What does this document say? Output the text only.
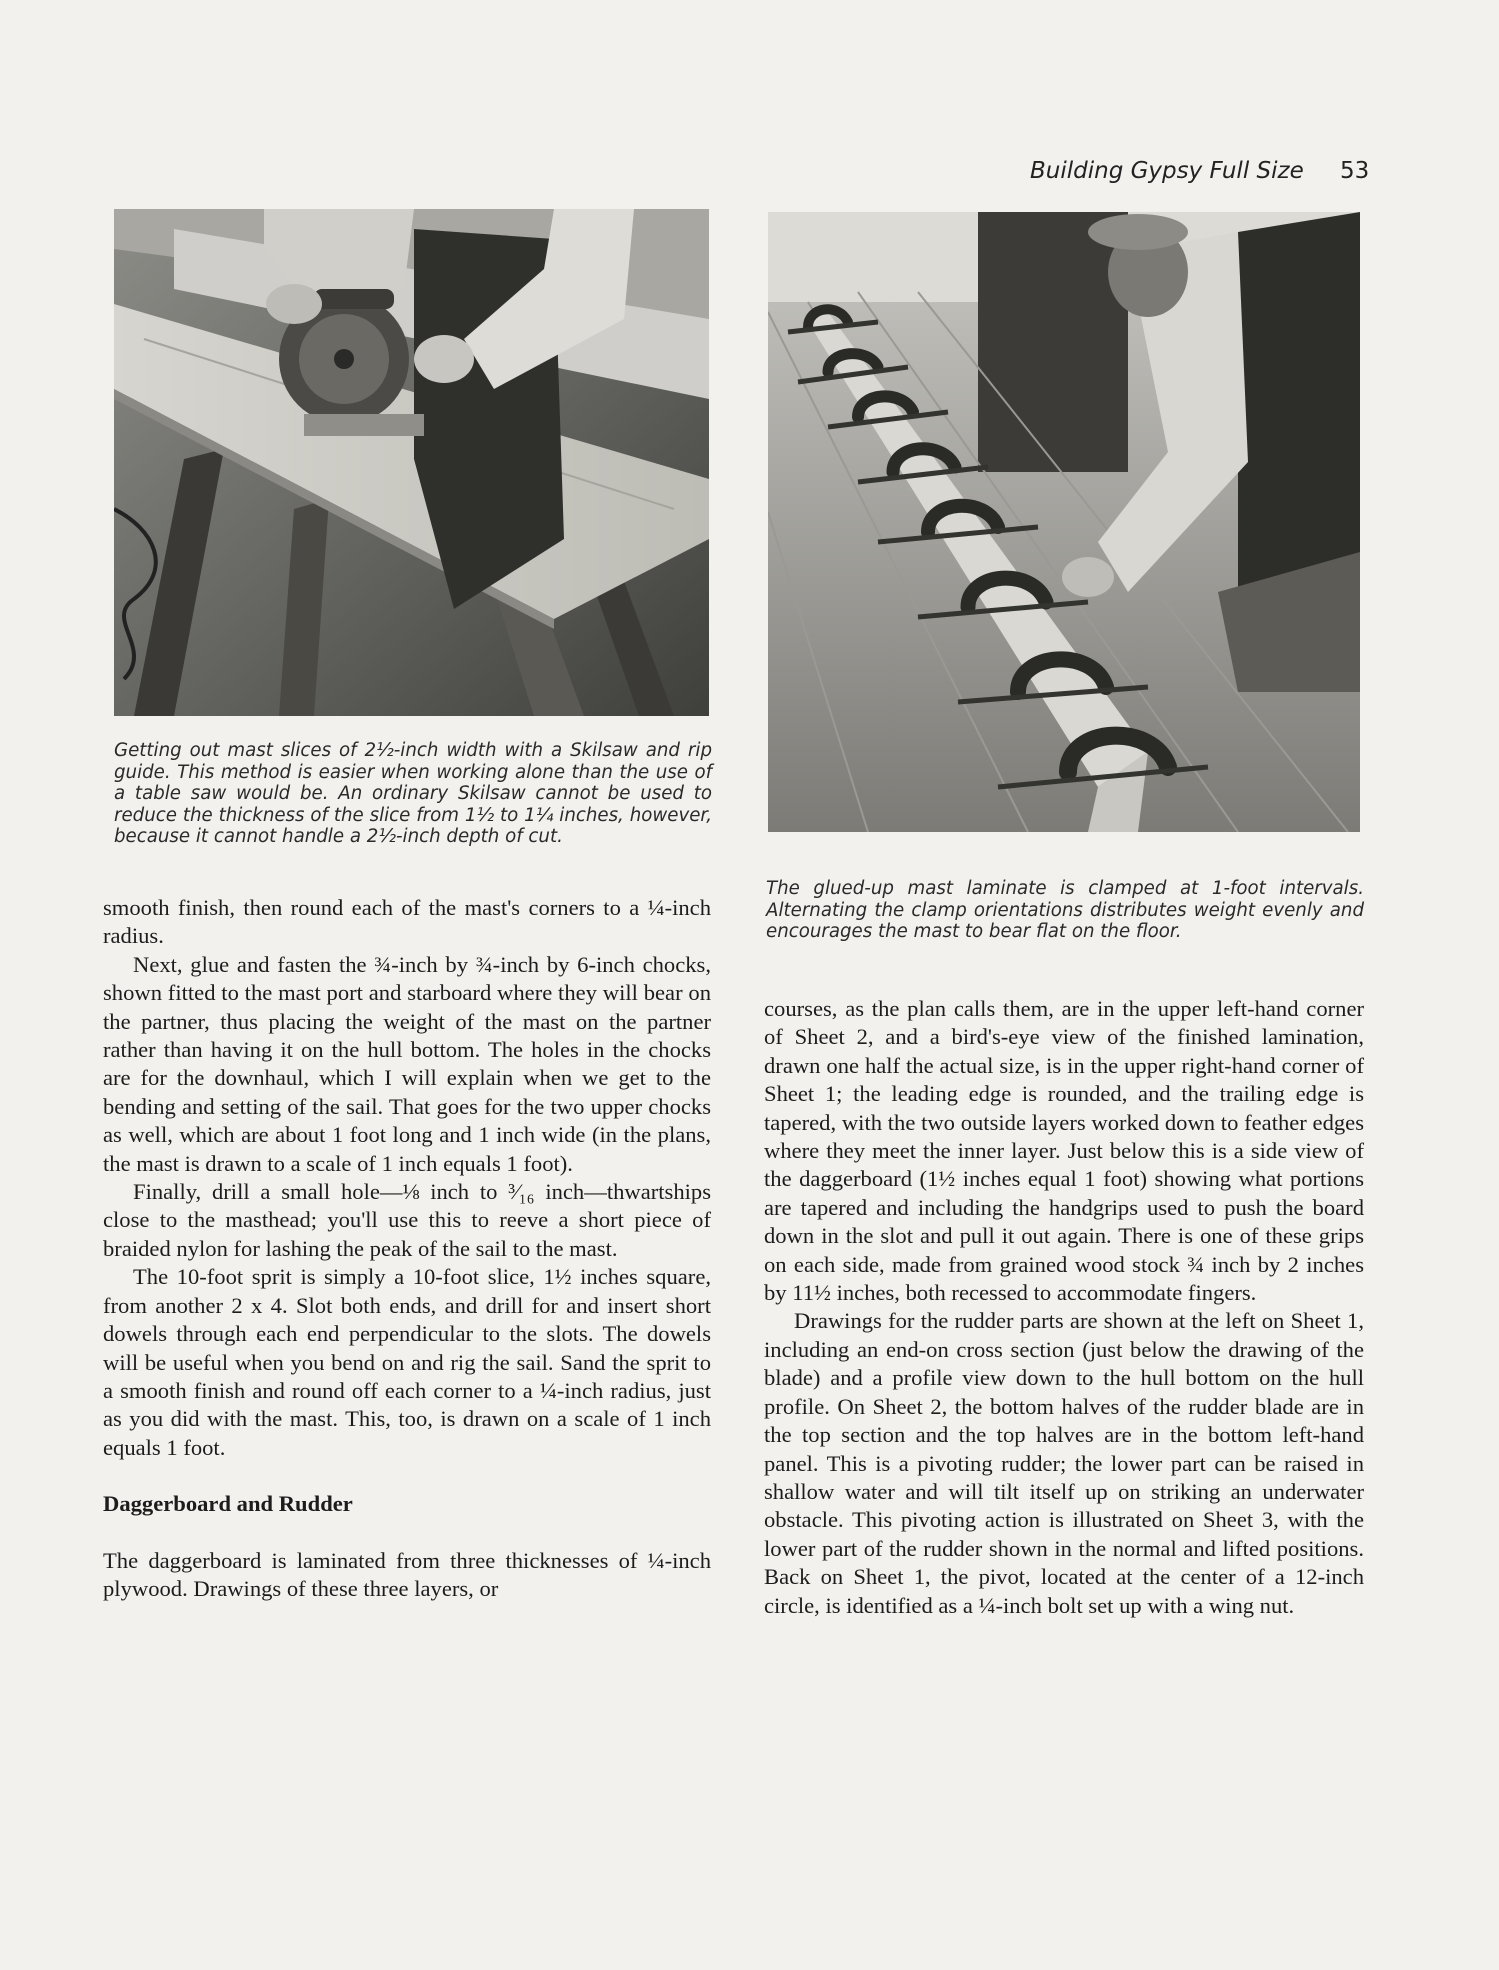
Building Gypsy Full Size 53
Getting out mast slices of 2½-inch width with a Skilsaw and rip guide. This method is easier when working alone than the use of a table saw would be. An ordinary Skilsaw cannot be used to reduce the thickness of the slice from 1½ to 1¼ inches, however, because it cannot handle a 2½-inch depth of cut.
The glued-up mast laminate is clamped at 1-foot intervals. Alternating the clamp orientations distributes weight evenly and encourages the mast to bear flat on the floor.

smooth finish, then round each of the mast's corners to a ¼-inch radius.

Next, glue and fasten the ¾-inch by ¾-inch by 6-inch chocks, shown fitted to the mast port and starboard where they will bear on the partner, thus placing the weight of the mast on the partner rather than having it on the hull bottom. The holes in the chocks are for the downhaul, which I will explain when we get to the bending and setting of the sail. That goes for the two upper chocks as well, which are about 1 foot long and 1 inch wide (in the plans, the mast is drawn to a scale of 1 inch equals 1 foot).

Finally, drill a small hole—⅛ inch to ³⁄₁₆ inch—thwartships close to the masthead; you'll use this to reeve a short piece of braided nylon for lashing the peak of the sail to the mast.

The 10-foot sprit is simply a 10-foot slice, 1½ inches square, from another 2 x 4. Slot both ends, and drill for and insert short dowels through each end perpendicular to the slots. The dowels will be useful when you bend on and rig the sail. Sand the sprit to a smooth finish and round off each corner to a ¼-inch radius, just as you did with the mast. This, too, is drawn on a scale of 1 inch equals 1 foot.

Daggerboard and Rudder

The daggerboard is laminated from three thicknesses of ¼-inch plywood. Drawings of these three layers, or

courses, as the plan calls them, are in the upper left-hand corner of Sheet 2, and a bird's-eye view of the finished lamination, drawn one half the actual size, is in the upper right-hand corner of Sheet 1; the leading edge is rounded, and the trailing edge is tapered, with the two outside layers worked down to feather edges where they meet the inner layer. Just below this is a side view of the daggerboard (1½ inches equal 1 foot) showing what portions are tapered and including the handgrips used to push the board down in the slot and pull it out again. There is one of these grips on each side, made from grained wood stock ¾ inch by 2 inches by 11½ inches, both recessed to accommodate fingers.

Drawings for the rudder parts are shown at the left on Sheet 1, including an end-on cross section (just below the drawing of the blade) and a profile view down to the hull bottom on the hull profile. On Sheet 2, the bottom halves of the rudder blade are in the top section and the top halves are in the bottom left-hand panel. This is a pivoting rudder; the lower part can be raised in shallow water and will tilt itself up on striking an underwater obstacle. This pivoting action is illustrated on Sheet 3, with the lower part of the rudder shown in the normal and lifted positions. Back on Sheet 1, the pivot, located at the center of a 12-inch circle, is identified as a ¼-inch bolt set up with a wing nut.
